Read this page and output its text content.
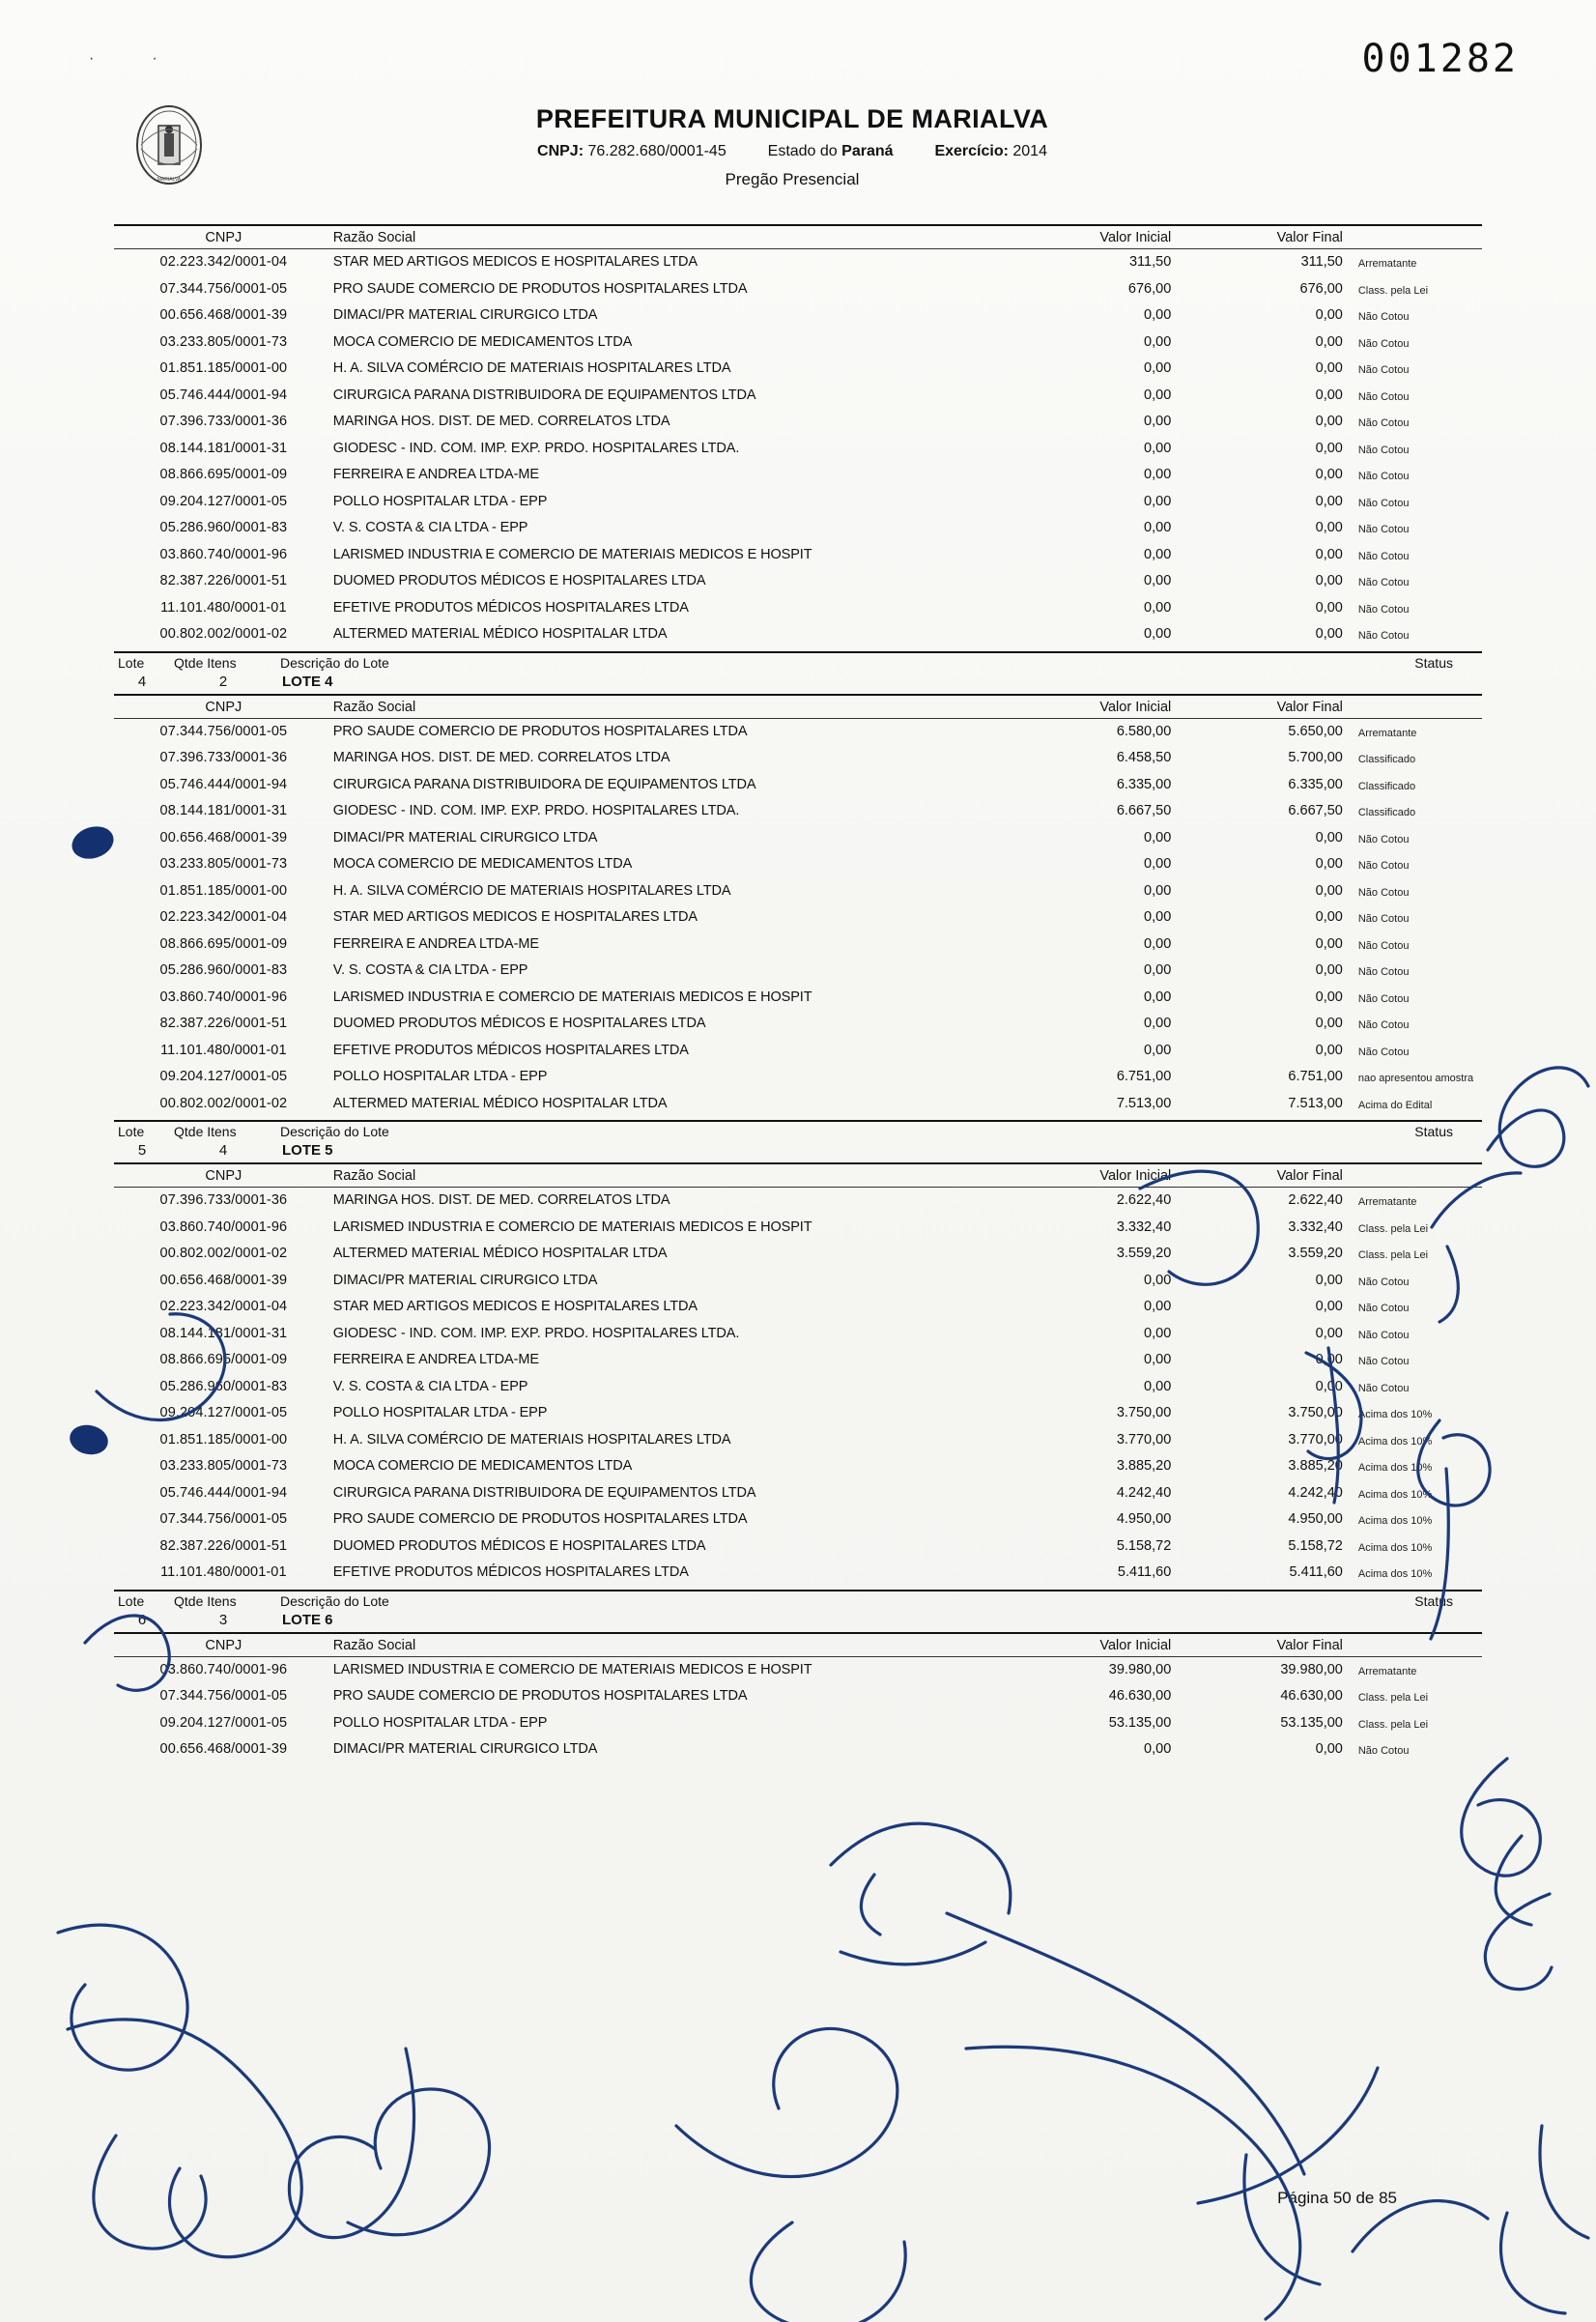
··	001282
MARIALVA
PREFEITURA MUNICIPAL DE MARIALVA
CNPJ: 76.282.680/0001-45	Estado do Paraná	Exercício: 2014
Pregão Presencial
CNPJ	Razão Social	Valor Inicial	Valor Final
02.223.342/0001-04	STAR MED ARTIGOS MEDICOS E HOSPITALARES LTDA	311,50	311,50	Arrematante
07.344.756/0001-05	PRO SAUDE COMERCIO DE PRODUTOS HOSPITALARES LTDA	676,00	676,00	Class. pela Lei
00.656.468/0001-39	DIMACI/PR MATERIAL CIRURGICO LTDA	0,00	0,00	Não Cotou
03.233.805/0001-73	MOCA COMERCIO DE MEDICAMENTOS LTDA	0,00	0,00	Não Cotou
01.851.185/0001-00	H. A. SILVA COMÉRCIO DE MATERIAIS HOSPITALARES LTDA	0,00	0,00	Não Cotou
05.746.444/0001-94	CIRURGICA PARANA DISTRIBUIDORA DE EQUIPAMENTOS LTDA	0,00	0,00	Não Cotou
07.396.733/0001-36	MARINGA HOS. DIST. DE MED. CORRELATOS LTDA	0,00	0,00	Não Cotou
08.144.181/0001-31	GIODESC - IND. COM. IMP. EXP. PRDO. HOSPITALARES LTDA.	0,00	0,00	Não Cotou
08.866.695/0001-09	FERREIRA E ANDREA LTDA-ME	0,00	0,00	Não Cotou
09.204.127/0001-05	POLLO HOSPITALAR LTDA - EPP	0,00	0,00	Não Cotou
05.286.960/0001-83	V. S. COSTA & CIA LTDA - EPP	0,00	0,00	Não Cotou
03.860.740/0001-96	LARISMED INDUSTRIA E COMERCIO DE MATERIAIS MEDICOS E HOSPIT	0,00	0,00	Não Cotou
82.387.226/0001-51	DUOMED PRODUTOS MÉDICOS E HOSPITALARES LTDA	0,00	0,00	Não Cotou
11.101.480/0001-01	EFETIVE PRODUTOS MÉDICOS HOSPITALARES LTDA	0,00	0,00	Não Cotou
00.802.002/0001-02	ALTERMED MATERIAL MÉDICO HOSPITALAR LTDA	0,00	0,00	Não Cotou
Lote	Qtde Itens	Descrição do Lote	Status
4	2	LOTE 4
CNPJ	Razão Social	Valor Inicial	Valor Final
07.344.756/0001-05	PRO SAUDE COMERCIO DE PRODUTOS HOSPITALARES LTDA	6.580,00	5.650,00	Arrematante
07.396.733/0001-36	MARINGA HOS. DIST. DE MED. CORRELATOS LTDA	6.458,50	5.700,00	Classificado
05.746.444/0001-94	CIRURGICA PARANA DISTRIBUIDORA DE EQUIPAMENTOS LTDA	6.335,00	6.335,00	Classificado
08.144.181/0001-31	GIODESC - IND. COM. IMP. EXP. PRDO. HOSPITALARES LTDA.	6.667,50	6.667,50	Classificado
00.656.468/0001-39	DIMACI/PR MATERIAL CIRURGICO LTDA	0,00	0,00	Não Cotou
03.233.805/0001-73	MOCA COMERCIO DE MEDICAMENTOS LTDA	0,00	0,00	Não Cotou
01.851.185/0001-00	H. A. SILVA COMÉRCIO DE MATERIAIS HOSPITALARES LTDA	0,00	0,00	Não Cotou
02.223.342/0001-04	STAR MED ARTIGOS MEDICOS E HOSPITALARES LTDA	0,00	0,00	Não Cotou
08.866.695/0001-09	FERREIRA E ANDREA LTDA-ME	0,00	0,00	Não Cotou
05.286.960/0001-83	V. S. COSTA & CIA LTDA - EPP	0,00	0,00	Não Cotou
03.860.740/0001-96	LARISMED INDUSTRIA E COMERCIO DE MATERIAIS MEDICOS E HOSPIT	0,00	0,00	Não Cotou
82.387.226/0001-51	DUOMED PRODUTOS MÉDICOS E HOSPITALARES LTDA	0,00	0,00	Não Cotou
11.101.480/0001-01	EFETIVE PRODUTOS MÉDICOS HOSPITALARES LTDA	0,00	0,00	Não Cotou
09.204.127/0001-05	POLLO HOSPITALAR LTDA - EPP	6.751,00	6.751,00	nao apresentou amostra
00.802.002/0001-02	ALTERMED MATERIAL MÉDICO HOSPITALAR LTDA	7.513,00	7.513,00	Acima do Edital
Lote	Qtde Itens	Descrição do Lote	Status
5	4	LOTE 5
CNPJ	Razão Social	Valor Inicial	Valor Final
07.396.733/0001-36	MARINGA HOS. DIST. DE MED. CORRELATOS LTDA	2.622,40	2.622,40	Arrematante
03.860.740/0001-96	LARISMED INDUSTRIA E COMERCIO DE MATERIAIS MEDICOS E HOSPIT	3.332,40	3.332,40	Class. pela Lei
00.802.002/0001-02	ALTERMED MATERIAL MÉDICO HOSPITALAR LTDA	3.559,20	3.559,20	Class. pela Lei
00.656.468/0001-39	DIMACI/PR MATERIAL CIRURGICO LTDA	0,00	0,00	Não Cotou
02.223.342/0001-04	STAR MED ARTIGOS MEDICOS E HOSPITALARES LTDA	0,00	0,00	Não Cotou
08.144.181/0001-31	GIODESC - IND. COM. IMP. EXP. PRDO. HOSPITALARES LTDA.	0,00	0,00	Não Cotou
08.866.695/0001-09	FERREIRA E ANDREA LTDA-ME	0,00	0,00	Não Cotou
05.286.960/0001-83	V. S. COSTA & CIA LTDA - EPP	0,00	0,00	Não Cotou
09.204.127/0001-05	POLLO HOSPITALAR LTDA - EPP	3.750,00	3.750,00	Acima dos 10%
01.851.185/0001-00	H. A. SILVA COMÉRCIO DE MATERIAIS HOSPITALARES LTDA	3.770,00	3.770,00	Acima dos 10%
03.233.805/0001-73	MOCA COMERCIO DE MEDICAMENTOS LTDA	3.885,20	3.885,20	Acima dos 10%
05.746.444/0001-94	CIRURGICA PARANA DISTRIBUIDORA DE EQUIPAMENTOS LTDA	4.242,40	4.242,40	Acima dos 10%
07.344.756/0001-05	PRO SAUDE COMERCIO DE PRODUTOS HOSPITALARES LTDA	4.950,00	4.950,00	Acima dos 10%
82.387.226/0001-51	DUOMED PRODUTOS MÉDICOS E HOSPITALARES LTDA	5.158,72	5.158,72	Acima dos 10%
11.101.480/0001-01	EFETIVE PRODUTOS MÉDICOS HOSPITALARES LTDA	5.411,60	5.411,60	Acima dos 10%
Lote	Qtde Itens	Descrição do Lote	Status
6	3	LOTE 6
CNPJ	Razão Social	Valor Inicial	Valor Final
03.860.740/0001-96	LARISMED INDUSTRIA E COMERCIO DE MATERIAIS MEDICOS E HOSPIT	39.980,00	39.980,00	Arrematante
07.344.756/0001-05	PRO SAUDE COMERCIO DE PRODUTOS HOSPITALARES LTDA	46.630,00	46.630,00	Class. pela Lei
09.204.127/0001-05	POLLO HOSPITALAR LTDA - EPP	53.135,00	53.135,00	Class. pela Lei
00.656.468/0001-39	DIMACI/PR MATERIAL CIRURGICO LTDA	0,00	0,00	Não Cotou
Página 50 de 85
